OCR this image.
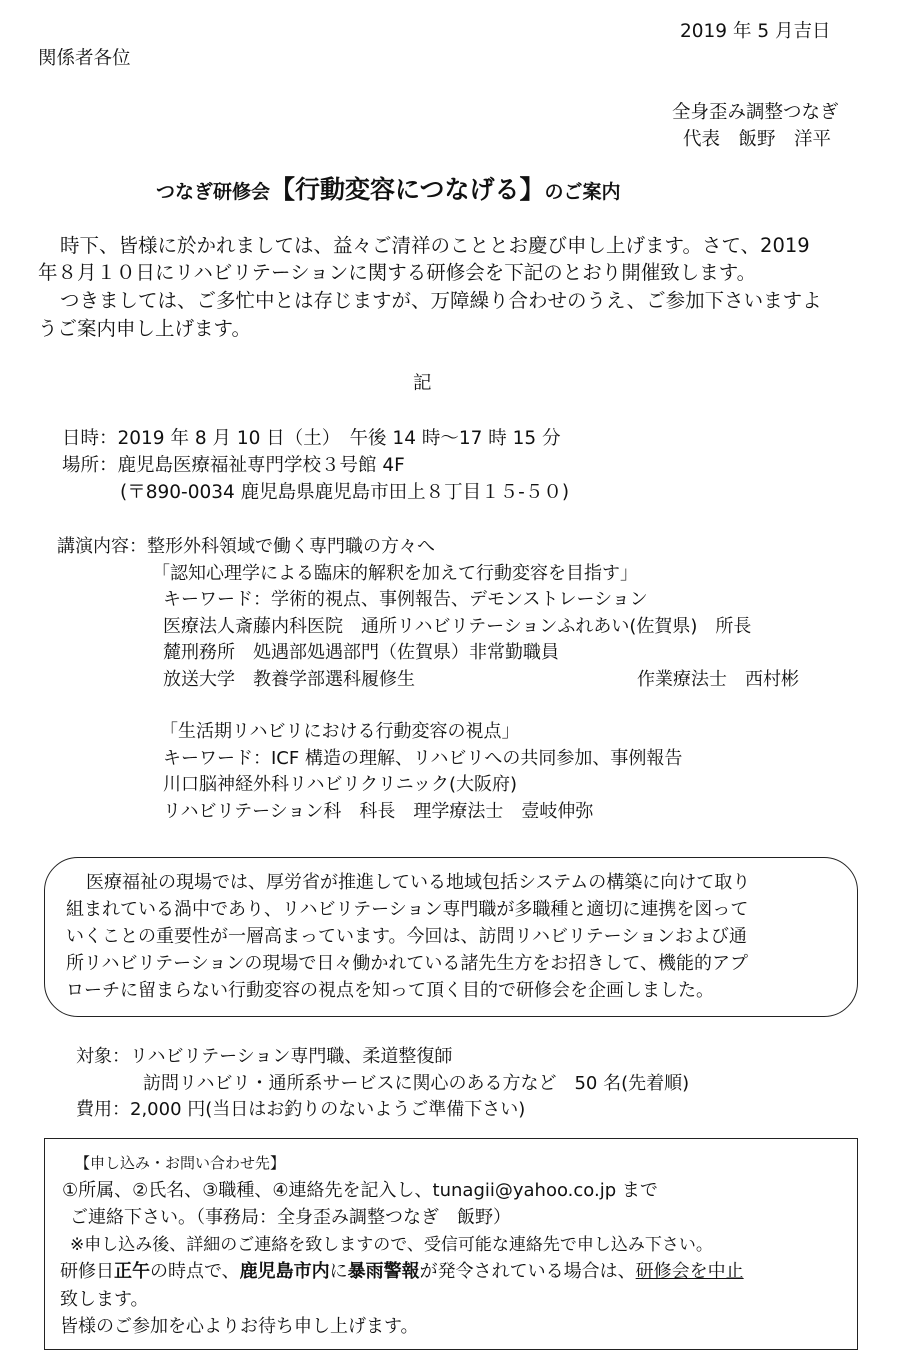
2019 年 5 月吉日
関係者各位
全身歪み調整つなぎ
代表　飯野　洋平
つなぎ研修会【行動変容につなげる】のご案内
時下、皆様に於かれましては、益々ご清祥のこととお慶び申し上げます。さて、2019
年８月１０日にリハビリテーションに関する研修会を下記のとおり開催致します。
つきましては、ご多忙中とは存じますが、万障繰り合わせのうえ、ご参加下さいますよ
うご案内申し上げます。
記
日時：2019 年 8 月 10 日（土）　午後 14 時～17 時 15 分
場所：鹿児島医療福祉専門学校３号館 4F
(〒890-0034 鹿児島県鹿児島市田上８丁目１５-５０)
講演内容：整形外科領域で働く専門職の方々へ
「認知心理学による臨床的解釈を加えて行動変容を目指す」
キーワード：学術的視点、事例報告、デモンストレーション
医療法人斎藤内科医院　通所リハビリテーションふれあい(佐賀県)　所長
麓刑務所　処遇部処遇部門（佐賀県）非常勤職員
放送大学　教養学部選科履修生	作業療法士　西村彬
「生活期リハビリにおける行動変容の視点」
キーワード：ICF 構造の理解、リハビリへの共同参加、事例報告
川口脳神経外科リハビリクリニック(大阪府)
リハビリテーション科　科長　理学療法士　壹岐伸弥
医療福祉の現場では、厚労省が推進している地域包括システムの構築に向けて取り
組まれている渦中であり、リハビリテーション専門職が多職種と適切に連携を図って
いくことの重要性が一層高まっています。今回は、訪問リハビリテーションおよび通
所リハビリテーションの現場で日々働かれている諸先生方をお招きして、機能的アプ
ローチに留まらない行動変容の視点を知って頂く目的で研修会を企画しました。
対象：リハビリテーション専門職、柔道整復師
訪問リハビリ・通所系サービスに関心のある方など　50 名(先着順)
費用：2,000 円(当日はお釣りのないようご準備下さい)
【申し込み・お問い合わせ先】
①所属、②氏名、③職種、④連絡先を記入し、tunagii@yahoo.co.jp まで
ご連絡下さい。（事務局：全身歪み調整つなぎ　飯野）
※申し込み後、詳細のご連絡を致しますので、受信可能な連絡先で申し込み下さい。
研修日正午の時点で、鹿児島市内に暴雨警報が発令されている場合は、研修会を中止
致します。
皆様のご参加を心よりお待ち申し上げます。
